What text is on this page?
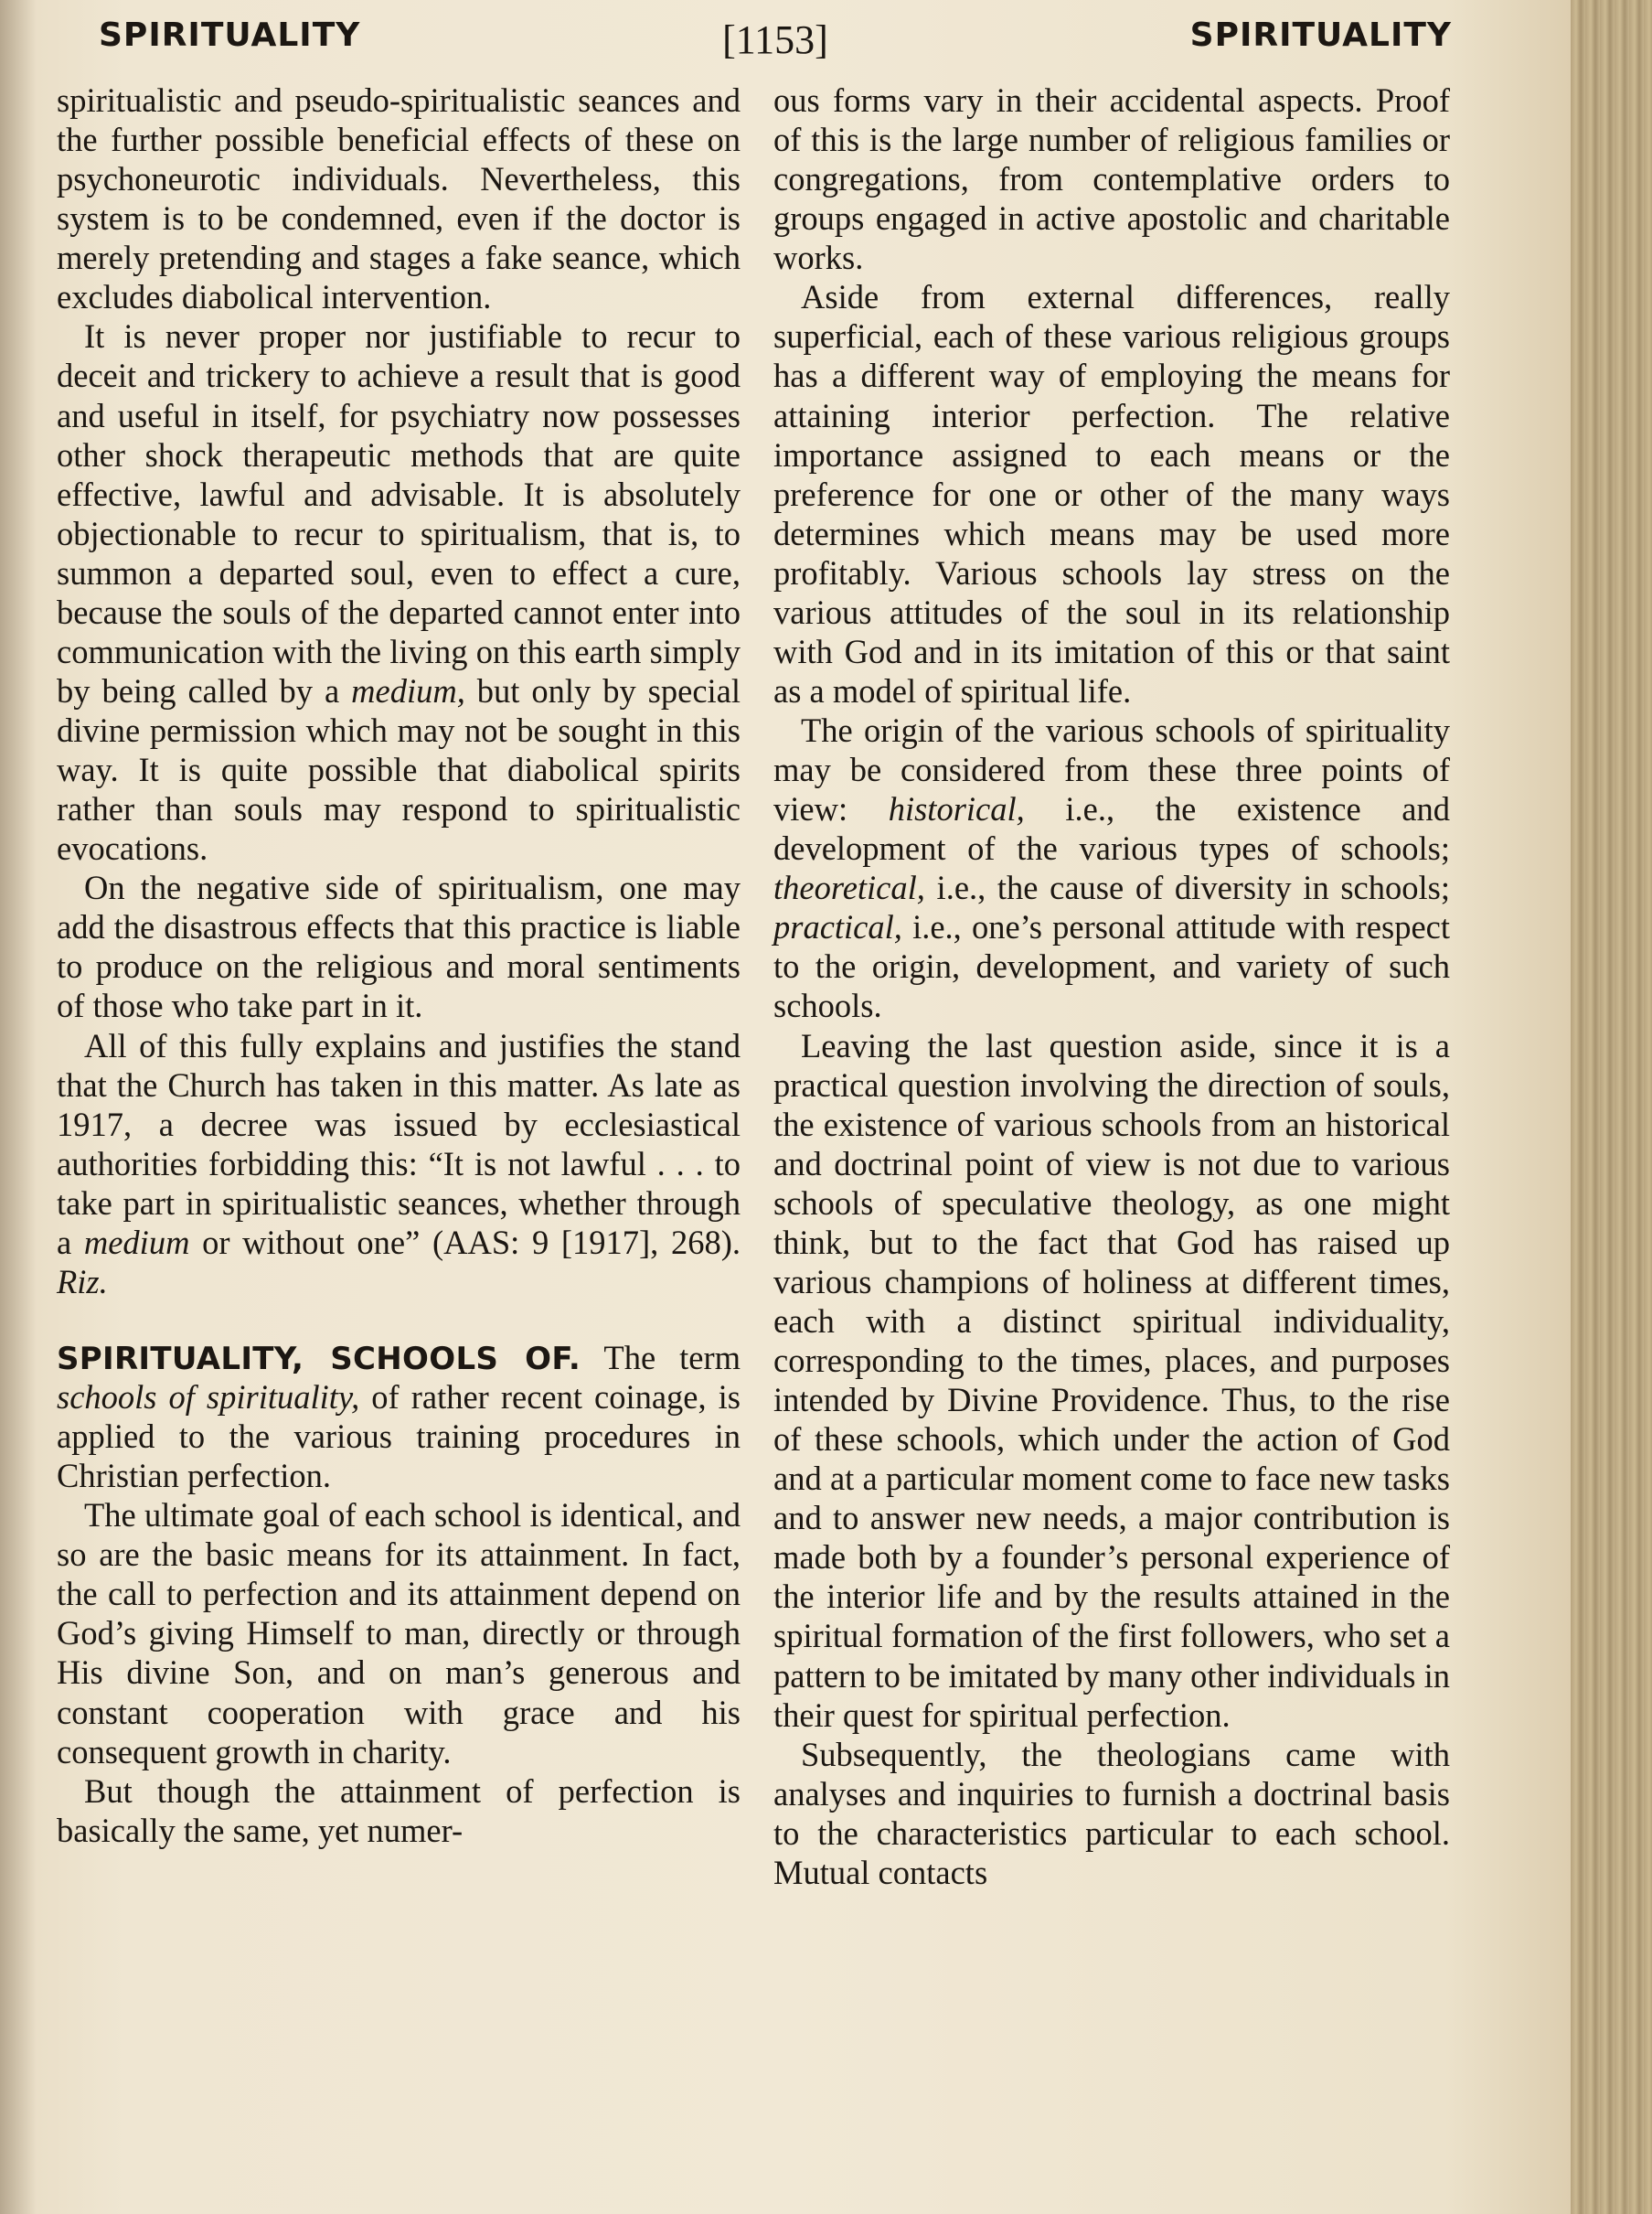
SPIRITUALITY	[1153]	SPIRITUALITY

spiritualistic and pseudo-spiritualistic seances and the further possible beneficial effects of these on psychoneurotic individuals. Nevertheless, this system is to be condemned, even if the doctor is merely pretending and stages a fake seance, which excludes diabolical intervention.

It is never proper nor justifiable to recur to deceit and trickery to achieve a result that is good and useful in itself, for psychiatry now possesses other shock therapeutic methods that are quite effective, lawful and advisable. It is absolutely objectionable to recur to spiritualism, that is, to summon a departed soul, even to effect a cure, because the souls of the departed cannot enter into communication with the living on this earth simply by being called by a medium, but only by special divine permission which may not be sought in this way. It is quite possible that diabolical spirits rather than souls may respond to spiritualistic evocations.

On the negative side of spiritualism, one may add the disastrous effects that this practice is liable to produce on the religious and moral sentiments of those who take part in it.

All of this fully explains and justifies the stand that the Church has taken in this matter. As late as 1917, a decree was issued by ecclesiastical authorities forbidding this: “It is not lawful . . . to take part in spiritualistic seances, whether through a medium or without one” (AAS: 9 [1917], 268). Riz.

SPIRITUALITY, SCHOOLS OF. The term schools of spirituality, of rather recent coinage, is applied to the various training procedures in Christian perfection.

The ultimate goal of each school is identical, and so are the basic means for its attainment. In fact, the call to perfection and its attainment depend on God’s giving Himself to man, directly or through His divine Son, and on man’s generous and constant cooperation with grace and his consequent growth in charity.

But though the attainment of perfection is basically the same, yet numer-

ous forms vary in their accidental aspects. Proof of this is the large number of religious families or congregations, from contemplative orders to groups engaged in active apostolic and charitable works.

Aside from external differences, really superficial, each of these various religious groups has a different way of employing the means for attaining interior perfection. The relative importance assigned to each means or the preference for one or other of the many ways determines which means may be used more profitably. Various schools lay stress on the various attitudes of the soul in its relationship with God and in its imitation of this or that saint as a model of spiritual life.

The origin of the various schools of spirituality may be considered from these three points of view: historical, i.e., the existence and development of the various types of schools; theoretical, i.e., the cause of diversity in schools; practical, i.e., one’s personal attitude with respect to the origin, development, and variety of such schools.

Leaving the last question aside, since it is a practical question involving the direction of souls, the existence of various schools from an historical and doctrinal point of view is not due to various schools of speculative theology, as one might think, but to the fact that God has raised up various champions of holiness at different times, each with a distinct spiritual individuality, corresponding to the times, places, and purposes intended by Divine Providence. Thus, to the rise of these schools, which under the action of God and at a particular moment come to face new tasks and to answer new needs, a major contribution is made both by a founder’s personal experience of the interior life and by the results attained in the spiritual formation of the first followers, who set a pattern to be imitated by many other individuals in their quest for spiritual perfection.

Subsequently, the theologians came with analyses and inquiries to furnish a doctrinal basis to the characteristics particular to each school. Mutual contacts
